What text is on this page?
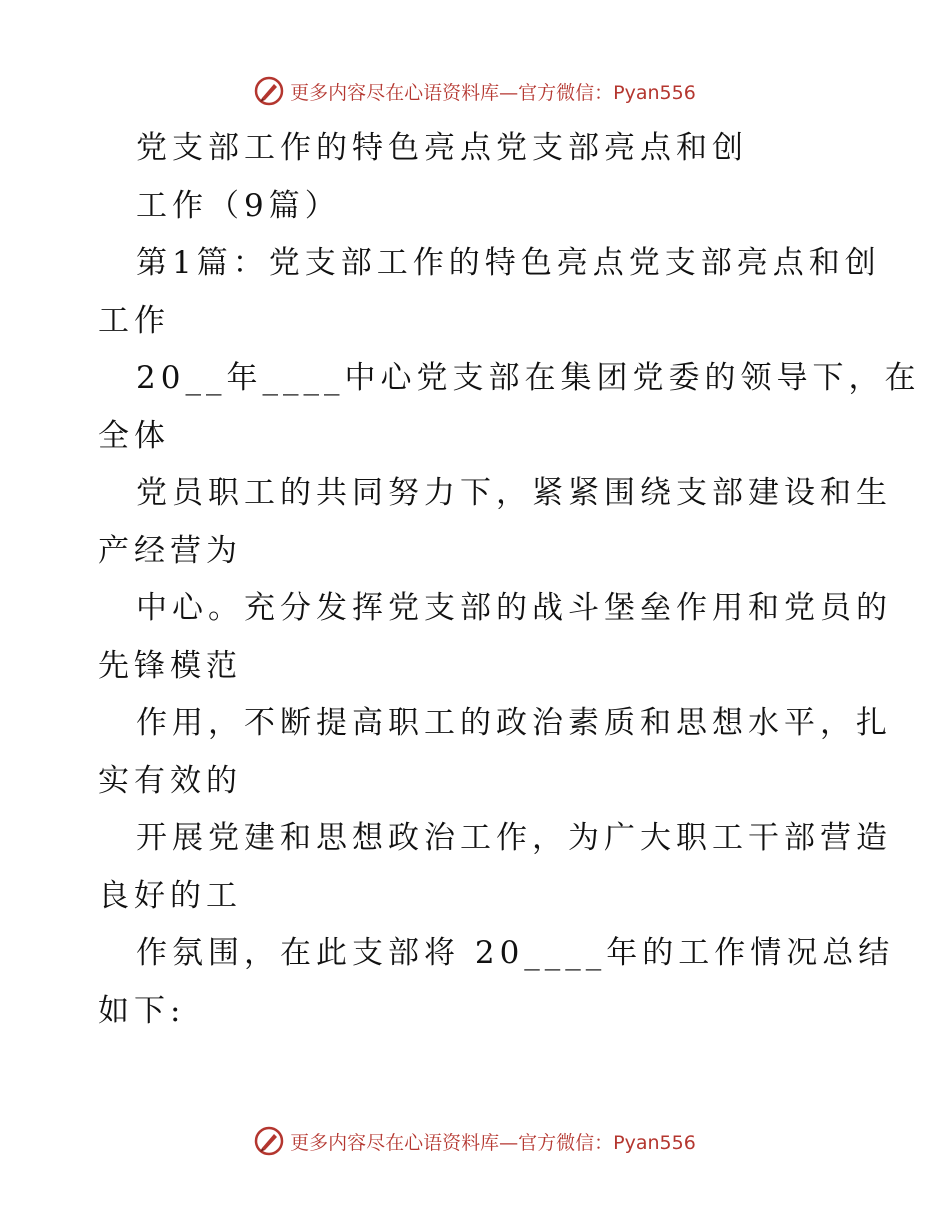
更多内容尽在心语资料库—官方微信：Pyan556

党支部工作的特色亮点党支部亮点和创

工作（9篇）

第1篇：党支部工作的特色亮点党支部亮点和创

工作

20__年____中心党支部在集团党委的领导下，在

全体

党员职工的共同努力下，紧紧围绕支部建设和生

产经营为

中心。充分发挥党支部的战斗堡垒作用和党员的

先锋模范

作用，不断提高职工的政治素质和思想水平，扎

实有效的

开展党建和思想政治工作，为广大职工干部营造

良好的工

作氛围，在此支部将 20____年的工作情况总结

如下:

更多内容尽在心语资料库—官方微信：Pyan556
